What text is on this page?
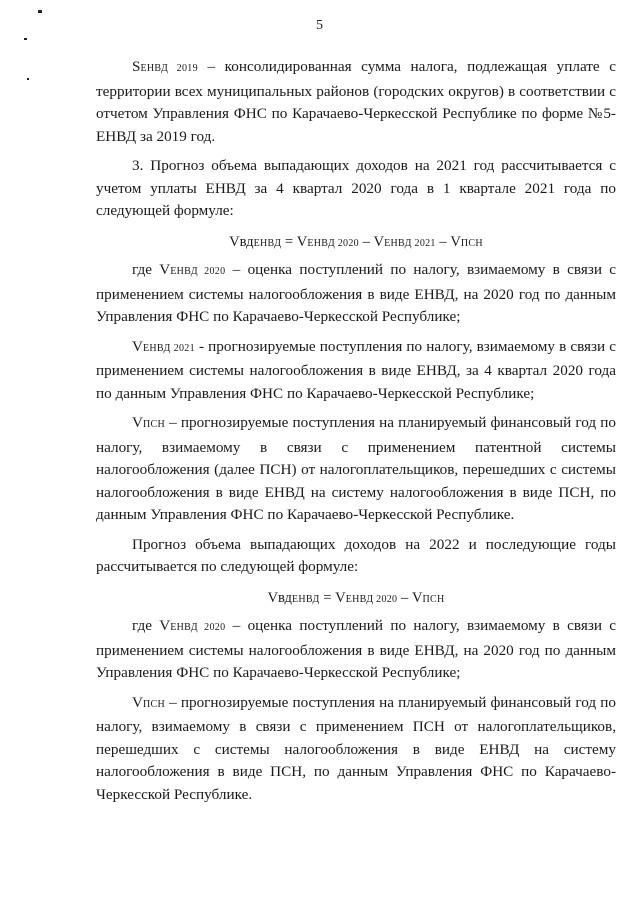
5

SЕНВД 2019 – консолидированная сумма налога, подлежащая уплате с территории всех муниципальных районов (городских округов) в соответствии с отчетом Управления ФНС по Карачаево-Черкесской Республике по форме №5-ЕНВД за 2019 год.

3. Прогноз объема выпадающих доходов на 2021 год рассчитывается с учетом уплаты ЕНВД за 4 квартал 2020 года в 1 квартале 2021 года по следующей формуле:

VвдЕНВД = VЕНВД 2020 – VЕНВД 2021 – VПСН

где VЕНВД 2020 – оценка поступлений по налогу, взимаемому в связи с применением системы налогообложения в виде ЕНВД, на 2020 год по данным Управления ФНС по Карачаево-Черкесской Республике;

VЕНВД 2021 - прогнозируемые поступления по налогу, взимаемому в связи с применением системы налогообложения в виде ЕНВД, за 4 квартал 2020 года по данным Управления ФНС по Карачаево-Черкесской Республике;

VПСН – прогнозируемые поступления на планируемый финансовый год по налогу, взимаемому в связи с применением патентной системы налогообложения (далее ПСН) от налогоплательщиков, перешедших с системы налогообложения в виде ЕНВД на систему налогообложения в виде ПСН, по данным Управления ФНС по Карачаево-Черкесской Республике.

Прогноз объема выпадающих доходов на 2022 и последующие годы рассчитывается по следующей формуле:

VвдЕНВД = VЕНВД 2020 – VПСН

где VЕНВД 2020 – оценка поступлений по налогу, взимаемому в связи с применением системы налогообложения в виде ЕНВД, на 2020 год по данным Управления ФНС по Карачаево-Черкесской Республике;

VПСН – прогнозируемые поступления на планируемый финансовый год по налогу, взимаемому в связи с применением ПСН от налогоплательщиков, перешедших с системы налогообложения в виде ЕНВД на систему налогообложения в виде ПСН, по данным Управления ФНС по Карачаево-Черкесской Республике.
